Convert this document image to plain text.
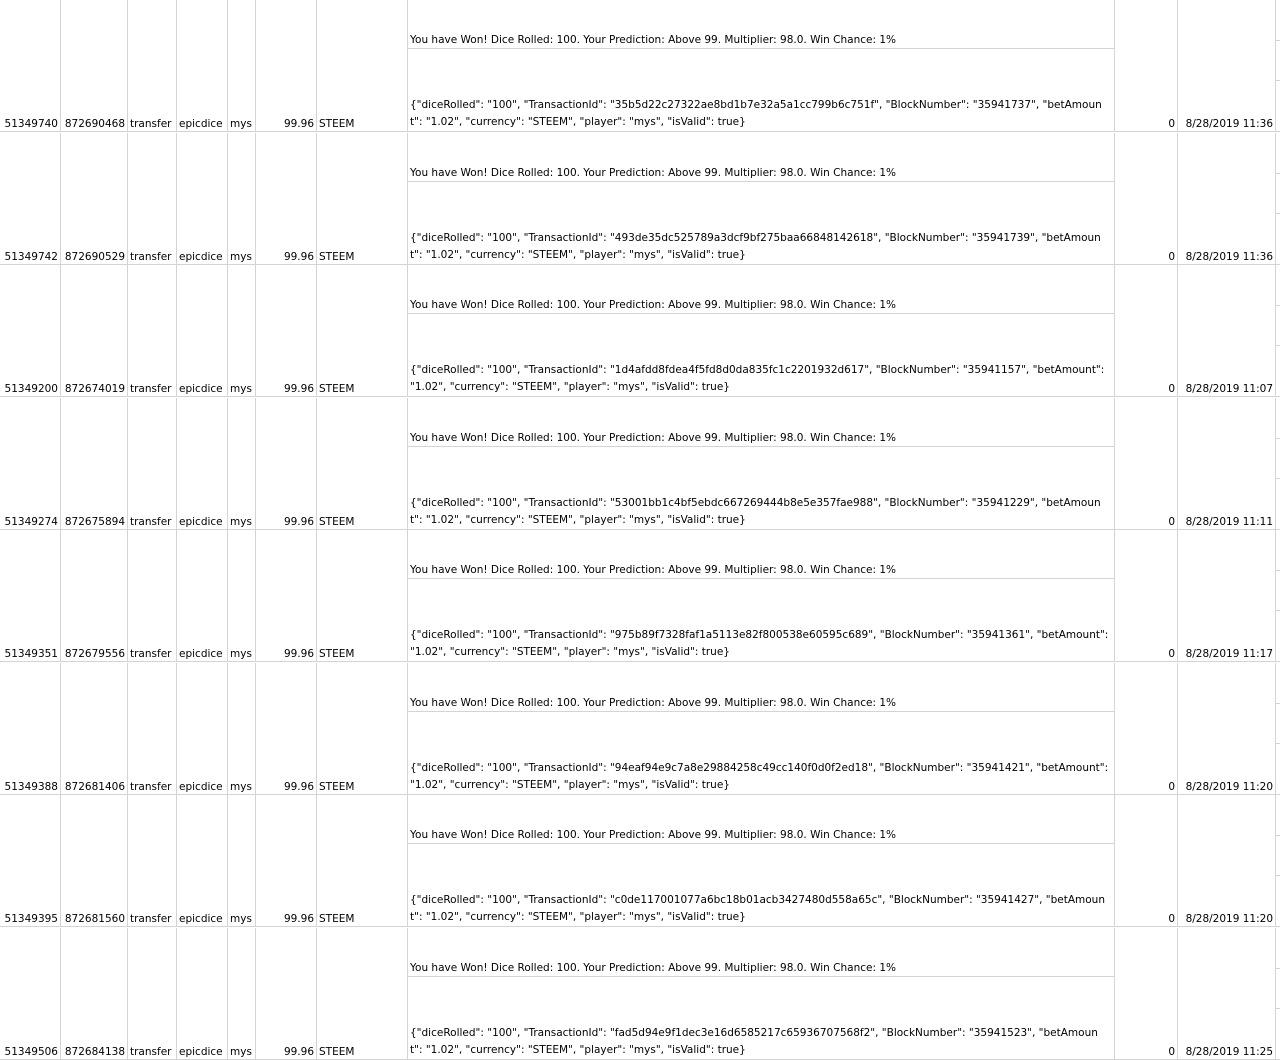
51349740 872690468 transfer epicdice mys	99.96 STEEM
You have Won! Dice Rolled: 100. Your Prediction: Above 99. Multiplier: 98.0. Win Chance: 1%
{"diceRolled": "100", "TransactionId": "35b5d22c27322ae8bd1b7e32a5a1cc799b6c751f", "BlockNumber": "35941737", "betAmount": "1.02", "currency": "STEEM", "player": "mys", "isValid": true}	0 8/28/2019 11:36
51349742 872690529 transfer epicdice mys	99.96 STEEM
You have Won! Dice Rolled: 100. Your Prediction: Above 99. Multiplier: 98.0. Win Chance: 1%
{"diceRolled": "100", "TransactionId": "493de35dc525789a3dcf9bf275baa66848142618", "BlockNumber": "35941739", "betAmount": "1.02", "currency": "STEEM", "player": "mys", "isValid": true}	0 8/28/2019 11:36
51349200 872674019 transfer epicdice mys	99.96 STEEM
You have Won! Dice Rolled: 100. Your Prediction: Above 99. Multiplier: 98.0. Win Chance: 1%
{"diceRolled": "100", "TransactionId": "1d4afdd8fdea4f5fd8d0da835fc1c2201932d617", "BlockNumber": "35941157", "betAmount": "1.02", "currency": "STEEM", "player": "mys", "isValid": true}	0 8/28/2019 11:07
51349274 872675894 transfer epicdice mys	99.96 STEEM
You have Won! Dice Rolled: 100. Your Prediction: Above 99. Multiplier: 98.0. Win Chance: 1%
{"diceRolled": "100", "TransactionId": "53001bb1c4bf5ebdc667269444b8e5e357fae988", "BlockNumber": "35941229", "betAmount": "1.02", "currency": "STEEM", "player": "mys", "isValid": true}	0 8/28/2019 11:11
51349351 872679556 transfer epicdice mys	99.96 STEEM
You have Won! Dice Rolled: 100. Your Prediction: Above 99. Multiplier: 98.0. Win Chance: 1%
{"diceRolled": "100", "TransactionId": "975b89f7328faf1a5113e82f800538e60595c689", "BlockNumber": "35941361", "betAmount": "1.02", "currency": "STEEM", "player": "mys", "isValid": true}	0 8/28/2019 11:17
51349388 872681406 transfer epicdice mys	99.96 STEEM
You have Won! Dice Rolled: 100. Your Prediction: Above 99. Multiplier: 98.0. Win Chance: 1%
{"diceRolled": "100", "TransactionId": "94eaf94e9c7a8e29884258c49cc140f0d0f2ed18", "BlockNumber": "35941421", "betAmount": "1.02", "currency": "STEEM", "player": "mys", "isValid": true}	0 8/28/2019 11:20
51349395 872681560 transfer epicdice mys	99.96 STEEM
You have Won! Dice Rolled: 100. Your Prediction: Above 99. Multiplier: 98.0. Win Chance: 1%
{"diceRolled": "100", "TransactionId": "c0de117001077a6bc18b01acb3427480d558a65c", "BlockNumber": "35941427", "betAmount": "1.02", "currency": "STEEM", "player": "mys", "isValid": true}	0 8/28/2019 11:20
51349506 872684138 transfer epicdice mys	99.96 STEEM
You have Won! Dice Rolled: 100. Your Prediction: Above 99. Multiplier: 98.0. Win Chance: 1%
{"diceRolled": "100", "TransactionId": "fad5d94e9f1dec3e16d6585217c65936707568f2", "BlockNumber": "35941523", "betAmount": "1.02", "currency": "STEEM", "player": "mys", "isValid": true}	0 8/28/2019 11:25
